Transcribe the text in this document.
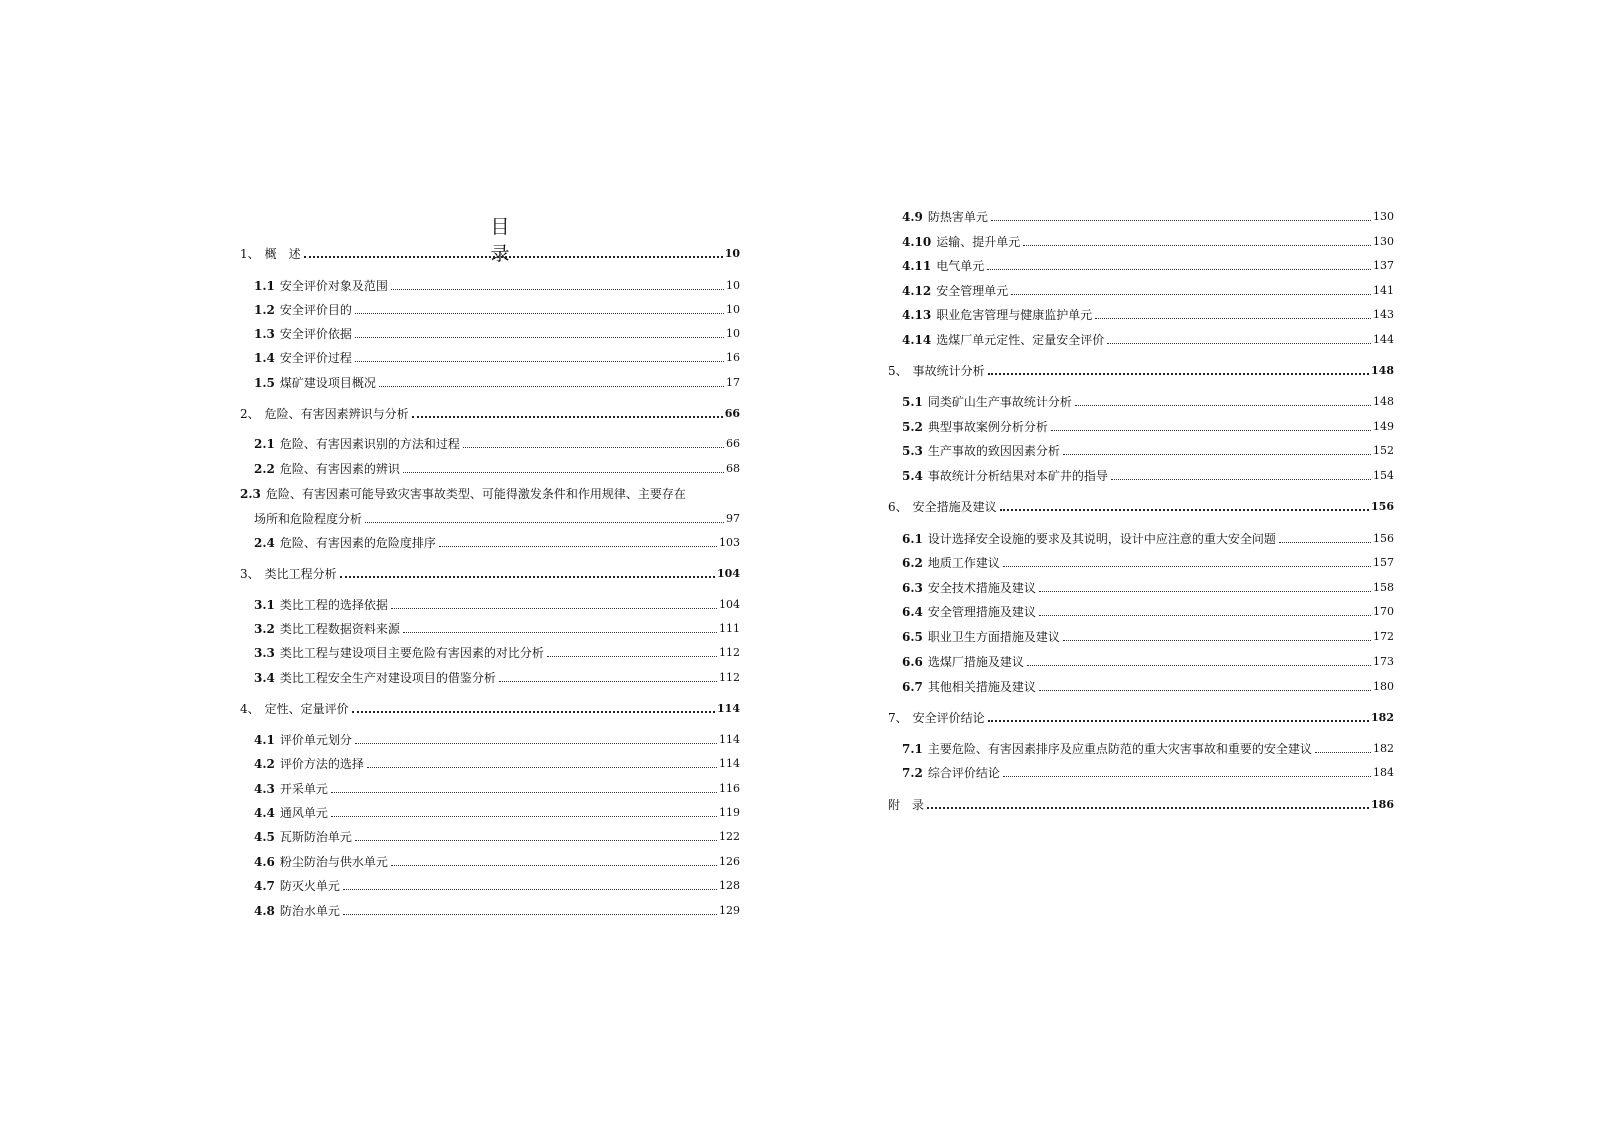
目 录
1、 概　述	10
1.1 安全评价对象及范围	10
1.2 安全评价目的	10
1.3 安全评价依据	10
1.4 安全评价过程	16
1.5 煤矿建设项目概况	17
2、 危险、有害因素辨识与分析	66
2.1 危险、有害因素识别的方法和过程	66
2.2 危险、有害因素的辨识	68
2.3 危险、有害因素可能导致灾害事故类型、可能得激发条件和作用规律、主要存在
场所和危险程度分析	97
2.4 危险、有害因素的危险度排序	103
3、 类比工程分析	104
3.1 类比工程的选择依据	104
3.2 类比工程数据资料来源	111
3.3 类比工程与建设项目主要危险有害因素的对比分析	112
3.4 类比工程安全生产对建设项目的借鉴分析	112
4、 定性、定量评价	114
4.1 评价单元划分	114
4.2 评价方法的选择	114
4.3 开采单元	116
4.4 通风单元	119
4.5 瓦斯防治单元	122
4.6 粉尘防治与供水单元	126
4.7 防灭火单元	128
4.8 防治水单元	129
4.9 防热害单元	130
4.10 运输、提升单元	130
4.11 电气单元	137
4.12 安全管理单元	141
4.13 职业危害管理与健康监护单元	143
4.14 选煤厂单元定性、定量安全评价	144
5、 事故统计分析	148
5.1 同类矿山生产事故统计分析	148
5.2 典型事故案例分析分析	149
5.3 生产事故的致因因素分析	152
5.4 事故统计分析结果对本矿井的指导	154
6、 安全措施及建议	156
6.1 设计选择安全设施的要求及其说明，设计中应注意的重大安全问题	156
6.2 地质工作建议	157
6.3 安全技术措施及建议	158
6.4 安全管理措施及建议	170
6.5 职业卫生方面措施及建议	172
6.6 选煤厂措施及建议	173
6.7 其他相关措施及建议	180
7、 安全评价结论	182
7.1 主要危险、有害因素排序及应重点防范的重大灾害事故和重要的安全建议	182
7.2 综合评价结论	184
附　录	186
